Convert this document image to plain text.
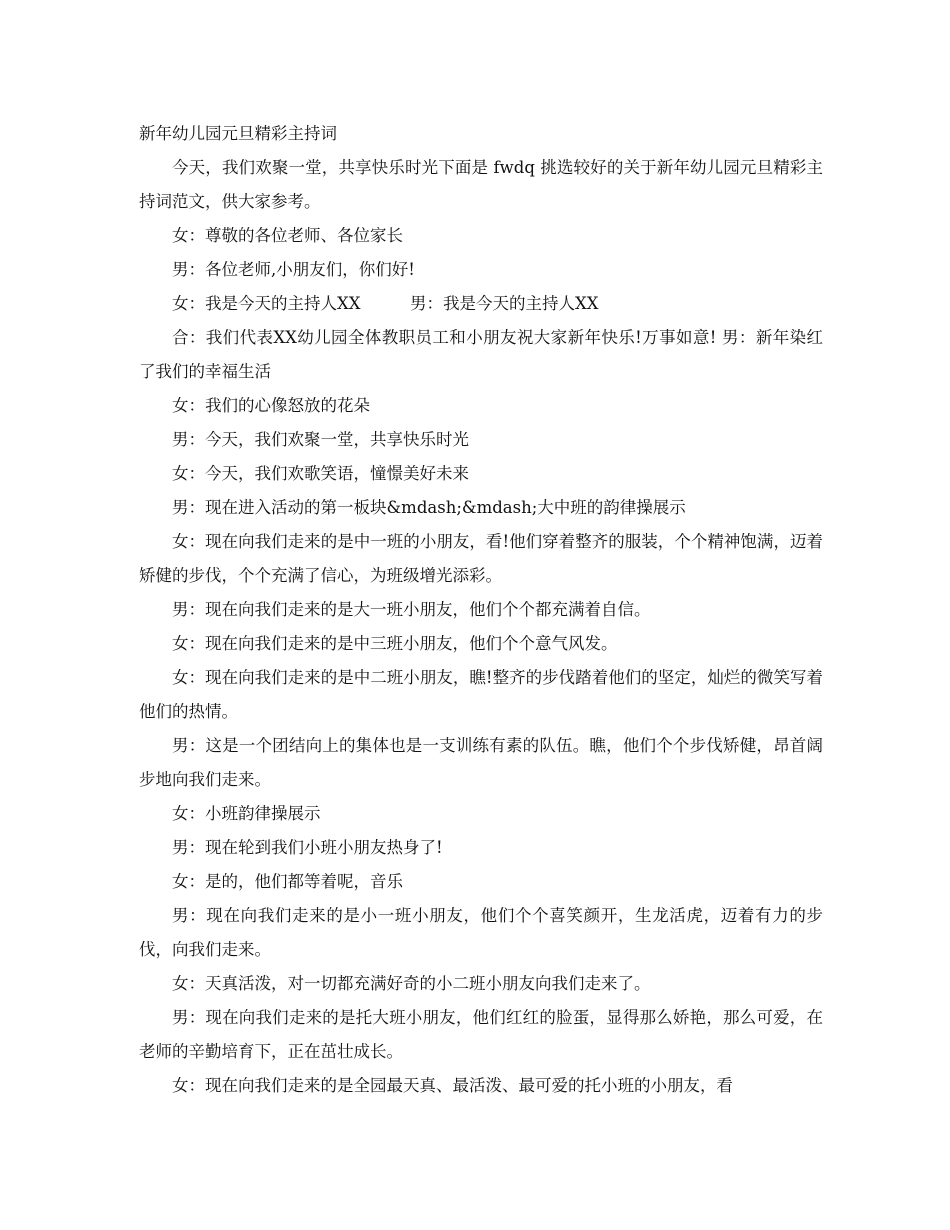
新年幼儿园元旦精彩主持词

今天，我们欢聚一堂，共享快乐时光下面是 fwdq 挑选较好的关于新年幼儿园元旦精彩主持词范文，供大家参考。

女：尊敬的各位老师、各位家长

男：各位老师,小朋友们，你们好!

女：我是今天的主持人XX　　　男：我是今天的主持人XX

合：我们代表XX幼儿园全体教职员工和小朋友祝大家新年快乐!万事如意! 男：新年染红了我们的幸福生活

女：我们的心像怒放的花朵

男：今天，我们欢聚一堂，共享快乐时光

女：今天，我们欢歌笑语，憧憬美好未来

男：现在进入活动的第一板块&mdash;&mdash;大中班的韵律操展示

女：现在向我们走来的是中一班的小朋友，看!他们穿着整齐的服装，个个精神饱满，迈着矫健的步伐，个个充满了信心，为班级增光添彩。

男：现在向我们走来的是大一班小朋友，他们个个都充满着自信。

女：现在向我们走来的是中三班小朋友，他们个个意气风发。

女：现在向我们走来的是中二班小朋友，瞧!整齐的步伐踏着他们的坚定，灿烂的微笑写着他们的热情。

男：这是一个团结向上的集体也是一支训练有素的队伍。瞧，他们个个步伐矫健，昂首阔步地向我们走来。

女：小班韵律操展示

男：现在轮到我们小班小朋友热身了!

女：是的，他们都等着呢，音乐

男：现在向我们走来的是小一班小朋友，他们个个喜笑颜开，生龙活虎，迈着有力的步伐，向我们走来。

女：天真活泼，对一切都充满好奇的小二班小朋友向我们走来了。

男：现在向我们走来的是托大班小朋友，他们红红的脸蛋，显得那么娇艳，那么可爱，在老师的辛勤培育下，正在茁壮成长。

女：现在向我们走来的是全园最天真、最活泼、最可爱的托小班的小朋友，看
